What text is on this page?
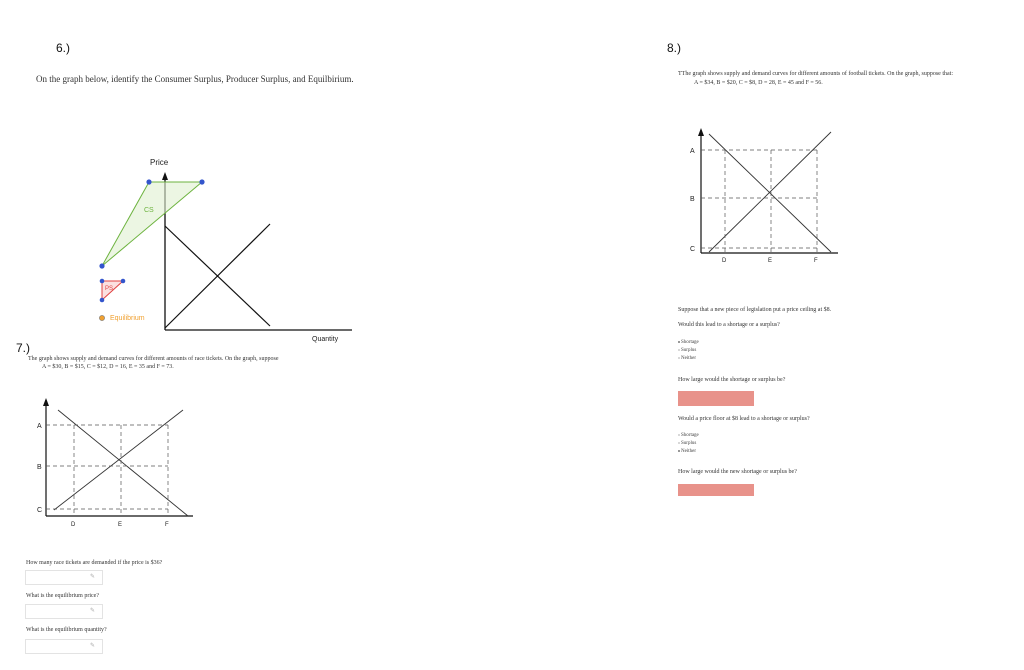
6.)
On the graph below, identify the Consumer Surplus, Producer Surplus, and Equilbirium.
Price
Quantity
CS
PS
Equilibrium
7.)
The graph shows supply and demand curves for different amounts of race tickets. On the graph, suppose
A = $30, B = $15, C = $12, D = 16, E = 35 and F = 73.
A
B
C
D	E	F
How many race tickets are demanded if the price is $36?
✎
What is the equilibrium price?
✎
What is the equilibrium quantity?
✎
8.)
TThe graph shows supply and demand curves for different amounts of football tickets. On the graph, suppose that:
A = $34, B = $20, C = $8, D = 28, E = 45 and F = 56.
A
B
C
D	E	F
Suppose that a new piece of legislation put a price ceiling at $8.
Would this lead to a shortage or a surplus?
Shortage
Surplus
Neither
How large would the shortage or surplus be?
Would a price floor at $8 lead to a shortage or surplus?
Shortage
Surplus
Neither
How large would the new shortage or surplus be?
